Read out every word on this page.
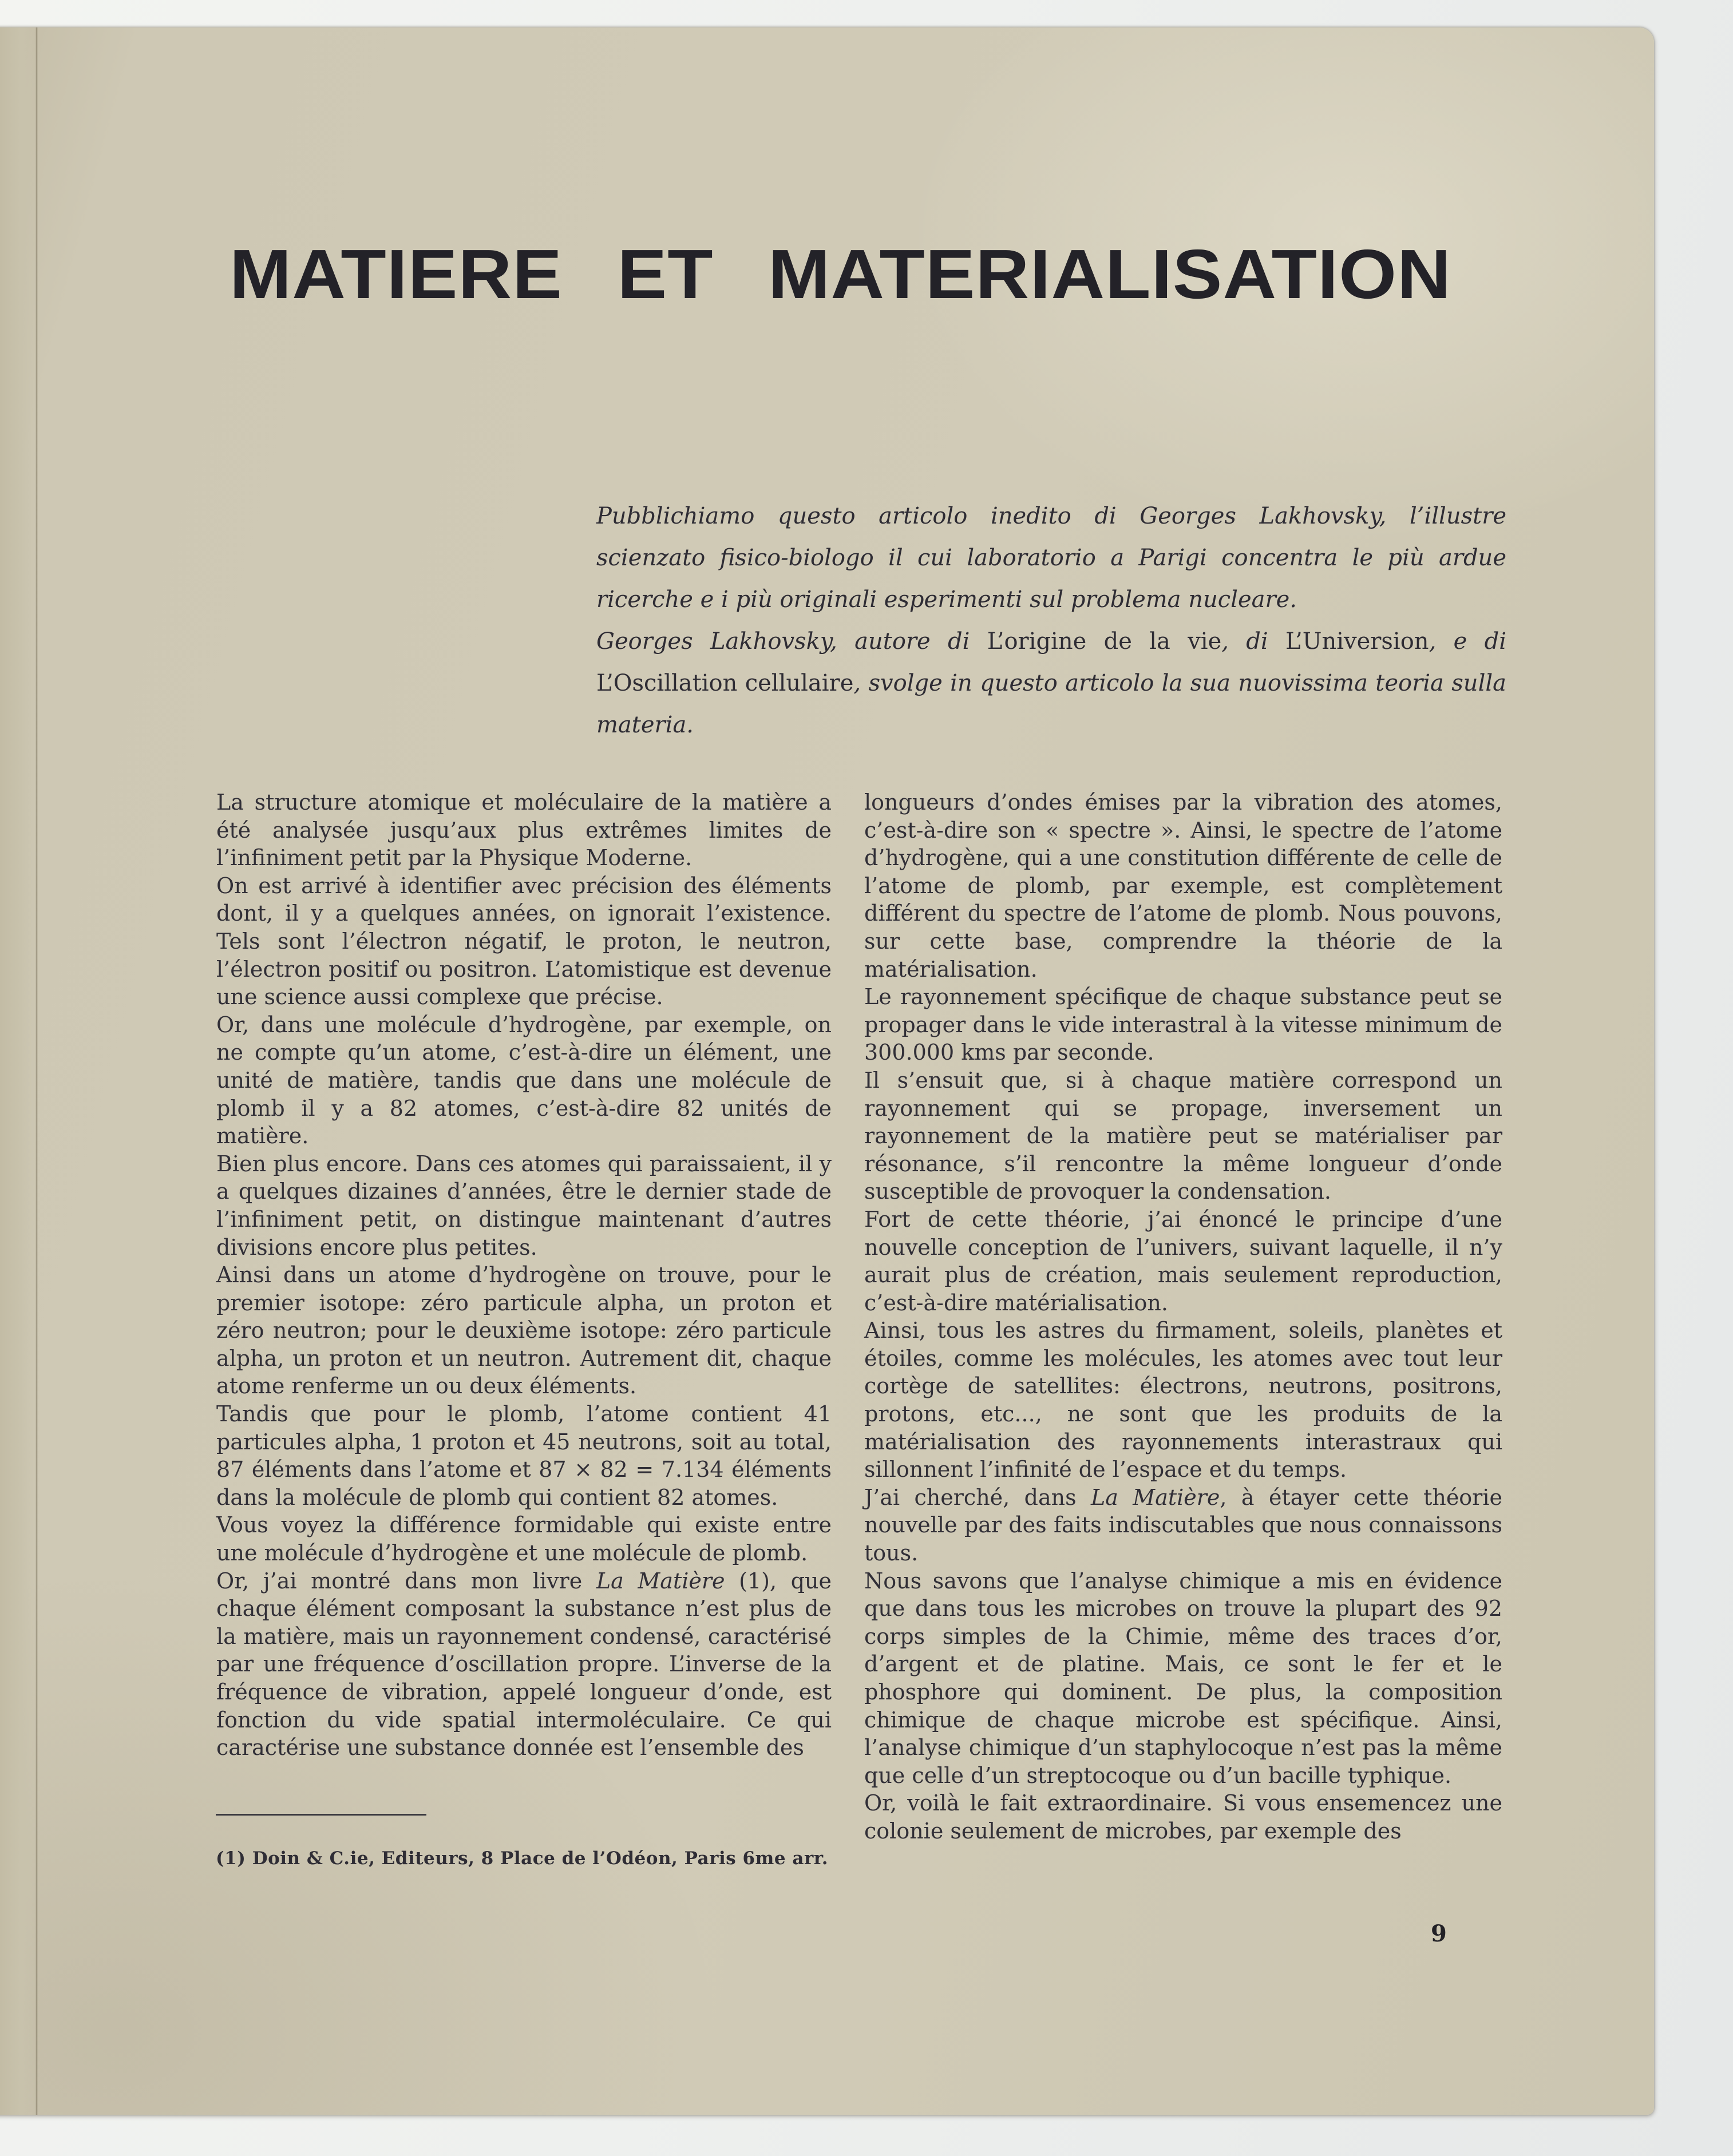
MATIERE ET MATERIALISATION

Pubblichiamo questo articolo inedito di Georges Lakhovsky, l’illustre scienzato fisico-biologo il cui laboratorio a Parigi concentra le più ardue ricerche e i più originali esperimenti sul problema nucleare.

Georges Lakhovsky, autore di L’origine de la vie, di L’Universion, e di L’Oscillation cellulaire, svolge in questo articolo la sua nuovissima teoria sulla materia.

La structure atomique et moléculaire de la matière a été analysée jusqu’aux plus extrêmes limites de l’infiniment petit par la Physique Moderne.

On est arrivé à identifier avec précision des éléments dont, il y a quelques années, on ignorait l’existence. Tels sont l’électron négatif, le proton, le neutron, l’électron positif ou positron. L’atomistique est devenue une science aussi complexe que précise.

Or, dans une molécule d’hydrogène, par exemple, on ne compte qu’un atome, c’est-à-dire un élément, une unité de matière, tandis que dans une molécule de plomb il y a 82 atomes, c’est-à-dire 82 unités de matière.

Bien plus encore. Dans ces atomes qui paraissaient, il y a quelques dizaines d’années, être le dernier stade de l’infiniment petit, on distingue maintenant d’autres divisions encore plus petites.

Ainsi dans un atome d’hydrogène on trouve, pour le premier isotope: zéro particule alpha, un proton et zéro neutron; pour le deuxième isotope: zéro particule alpha, un proton et un neutron. Autrement dit, chaque atome renferme un ou deux éléments.

Tandis que pour le plomb, l’atome contient 41 particules alpha, 1 proton et 45 neutrons, soit au total, 87 éléments dans l’atome et 87 × 82 = 7.134 éléments dans la molécule de plomb qui contient 82 atomes.

Vous voyez la différence formidable qui existe entre une molécule d’hydrogène et une molécule de plomb.

Or, j’ai montré dans mon livre La Matière (1), que chaque élément composant la substance n’est plus de la matière, mais un rayonnement condensé, caractérisé par une fréquence d’oscillation propre. L’inverse de la fréquence de vibration, appelé longueur d’onde, est fonction du vide spatial intermoléculaire. Ce qui caractérise une substance donnée est l’ensemble des

longueurs d’ondes émises par la vibration des atomes, c’est-à-dire son « spectre ». Ainsi, le spectre de l’atome d’hydrogène, qui a une constitution différente de celle de l’atome de plomb, par exemple, est complètement différent du spectre de l’atome de plomb. Nous pouvons, sur cette base, comprendre la théorie de la matérialisation.

Le rayonnement spécifique de chaque substance peut se propager dans le vide interastral à la vitesse minimum de 300.000 kms par seconde.

Il s’ensuit que, si à chaque matière correspond un rayonnement qui se propage, inversement un rayonnement de la matière peut se matérialiser par résonance, s’il rencontre la même longueur d’onde susceptible de provoquer la condensation.

Fort de cette théorie, j’ai énoncé le principe d’une nouvelle conception de l’univers, suivant laquelle, il n’y aurait plus de création, mais seulement reproduction, c’est-à-dire matérialisation.

Ainsi, tous les astres du firmament, soleils, planètes et étoiles, comme les molécules, les atomes avec tout leur cortège de satellites: électrons, neutrons, positrons, protons, etc..., ne sont que les produits de la matérialisation des rayonnements interastraux qui sillonnent l’infinité de l’espace et du temps.

J’ai cherché, dans La Matière, à étayer cette théorie nouvelle par des faits indiscutables que nous connaissons tous.

Nous savons que l’analyse chimique a mis en évidence que dans tous les microbes on trouve la plupart des 92 corps simples de la Chimie, même des traces d’or, d’argent et de platine. Mais, ce sont le fer et le phosphore qui dominent. De plus, la composition chimique de chaque microbe est spécifique. Ainsi, l’analyse chimique d’un staphylocoque n’est pas la même que celle d’un streptocoque ou d’un bacille typhique.

Or, voilà le fait extraordinaire. Si vous ensemencez une colonie seulement de microbes, par exemple des

(1) Doin & C.ie, Editeurs, 8 Place de l’Odéon, Paris 6me arr.
9
